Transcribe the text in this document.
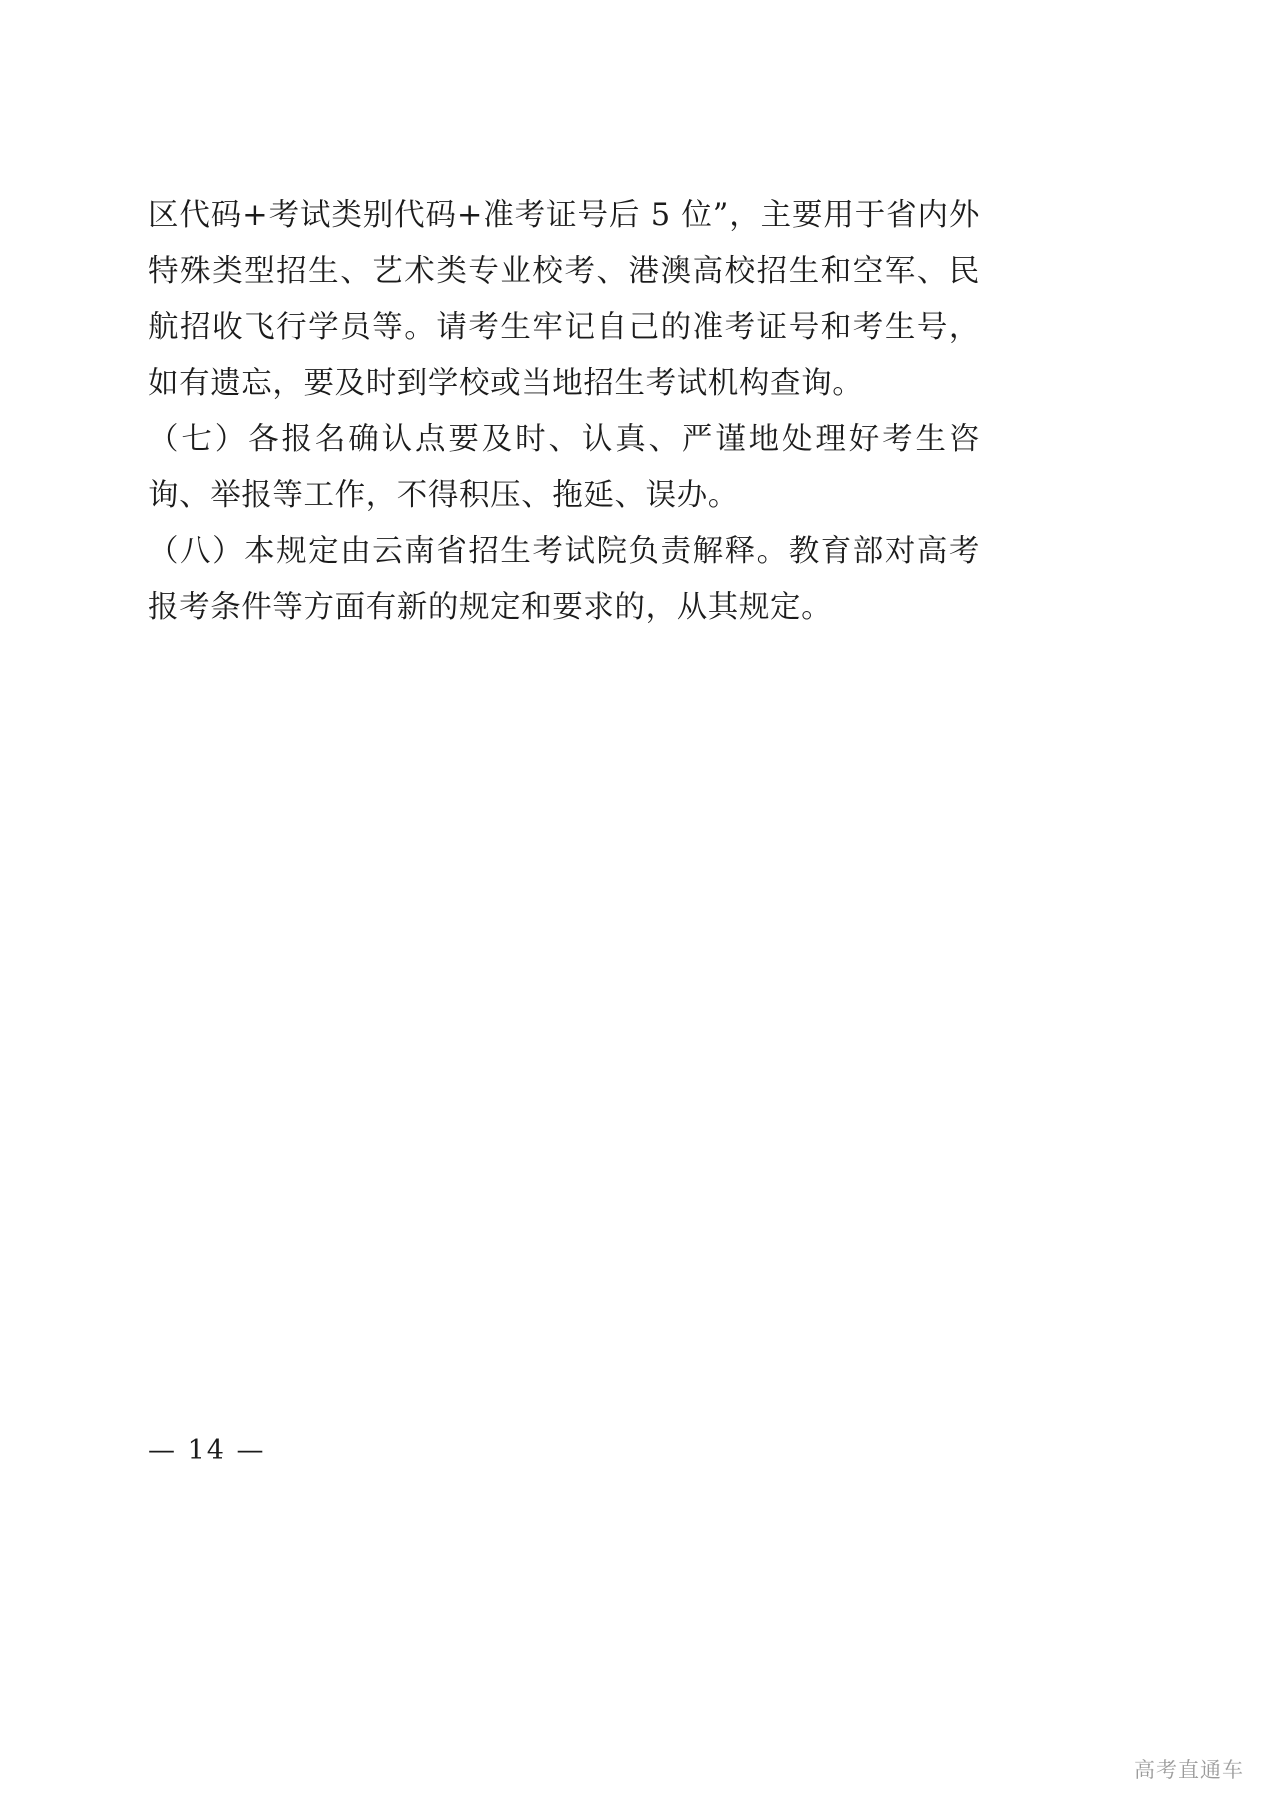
区代码+考试类别代码+准考证号后 5 位”，主要用于省内外特殊类型招生、艺术类专业校考、港澳高校招生和空军、民航招收飞行学员等。请考生牢记自己的准考证号和考生号，如有遗忘，要及时到学校或当地招生考试机构查询。

（七）各报名确认点要及时、认真、严谨地处理好考生咨询、举报等工作，不得积压、拖延、误办。

（八）本规定由云南省招生考试院负责解释。教育部对高考报考条件等方面有新的规定和要求的，从其规定。

— 14 —
高考直通车
